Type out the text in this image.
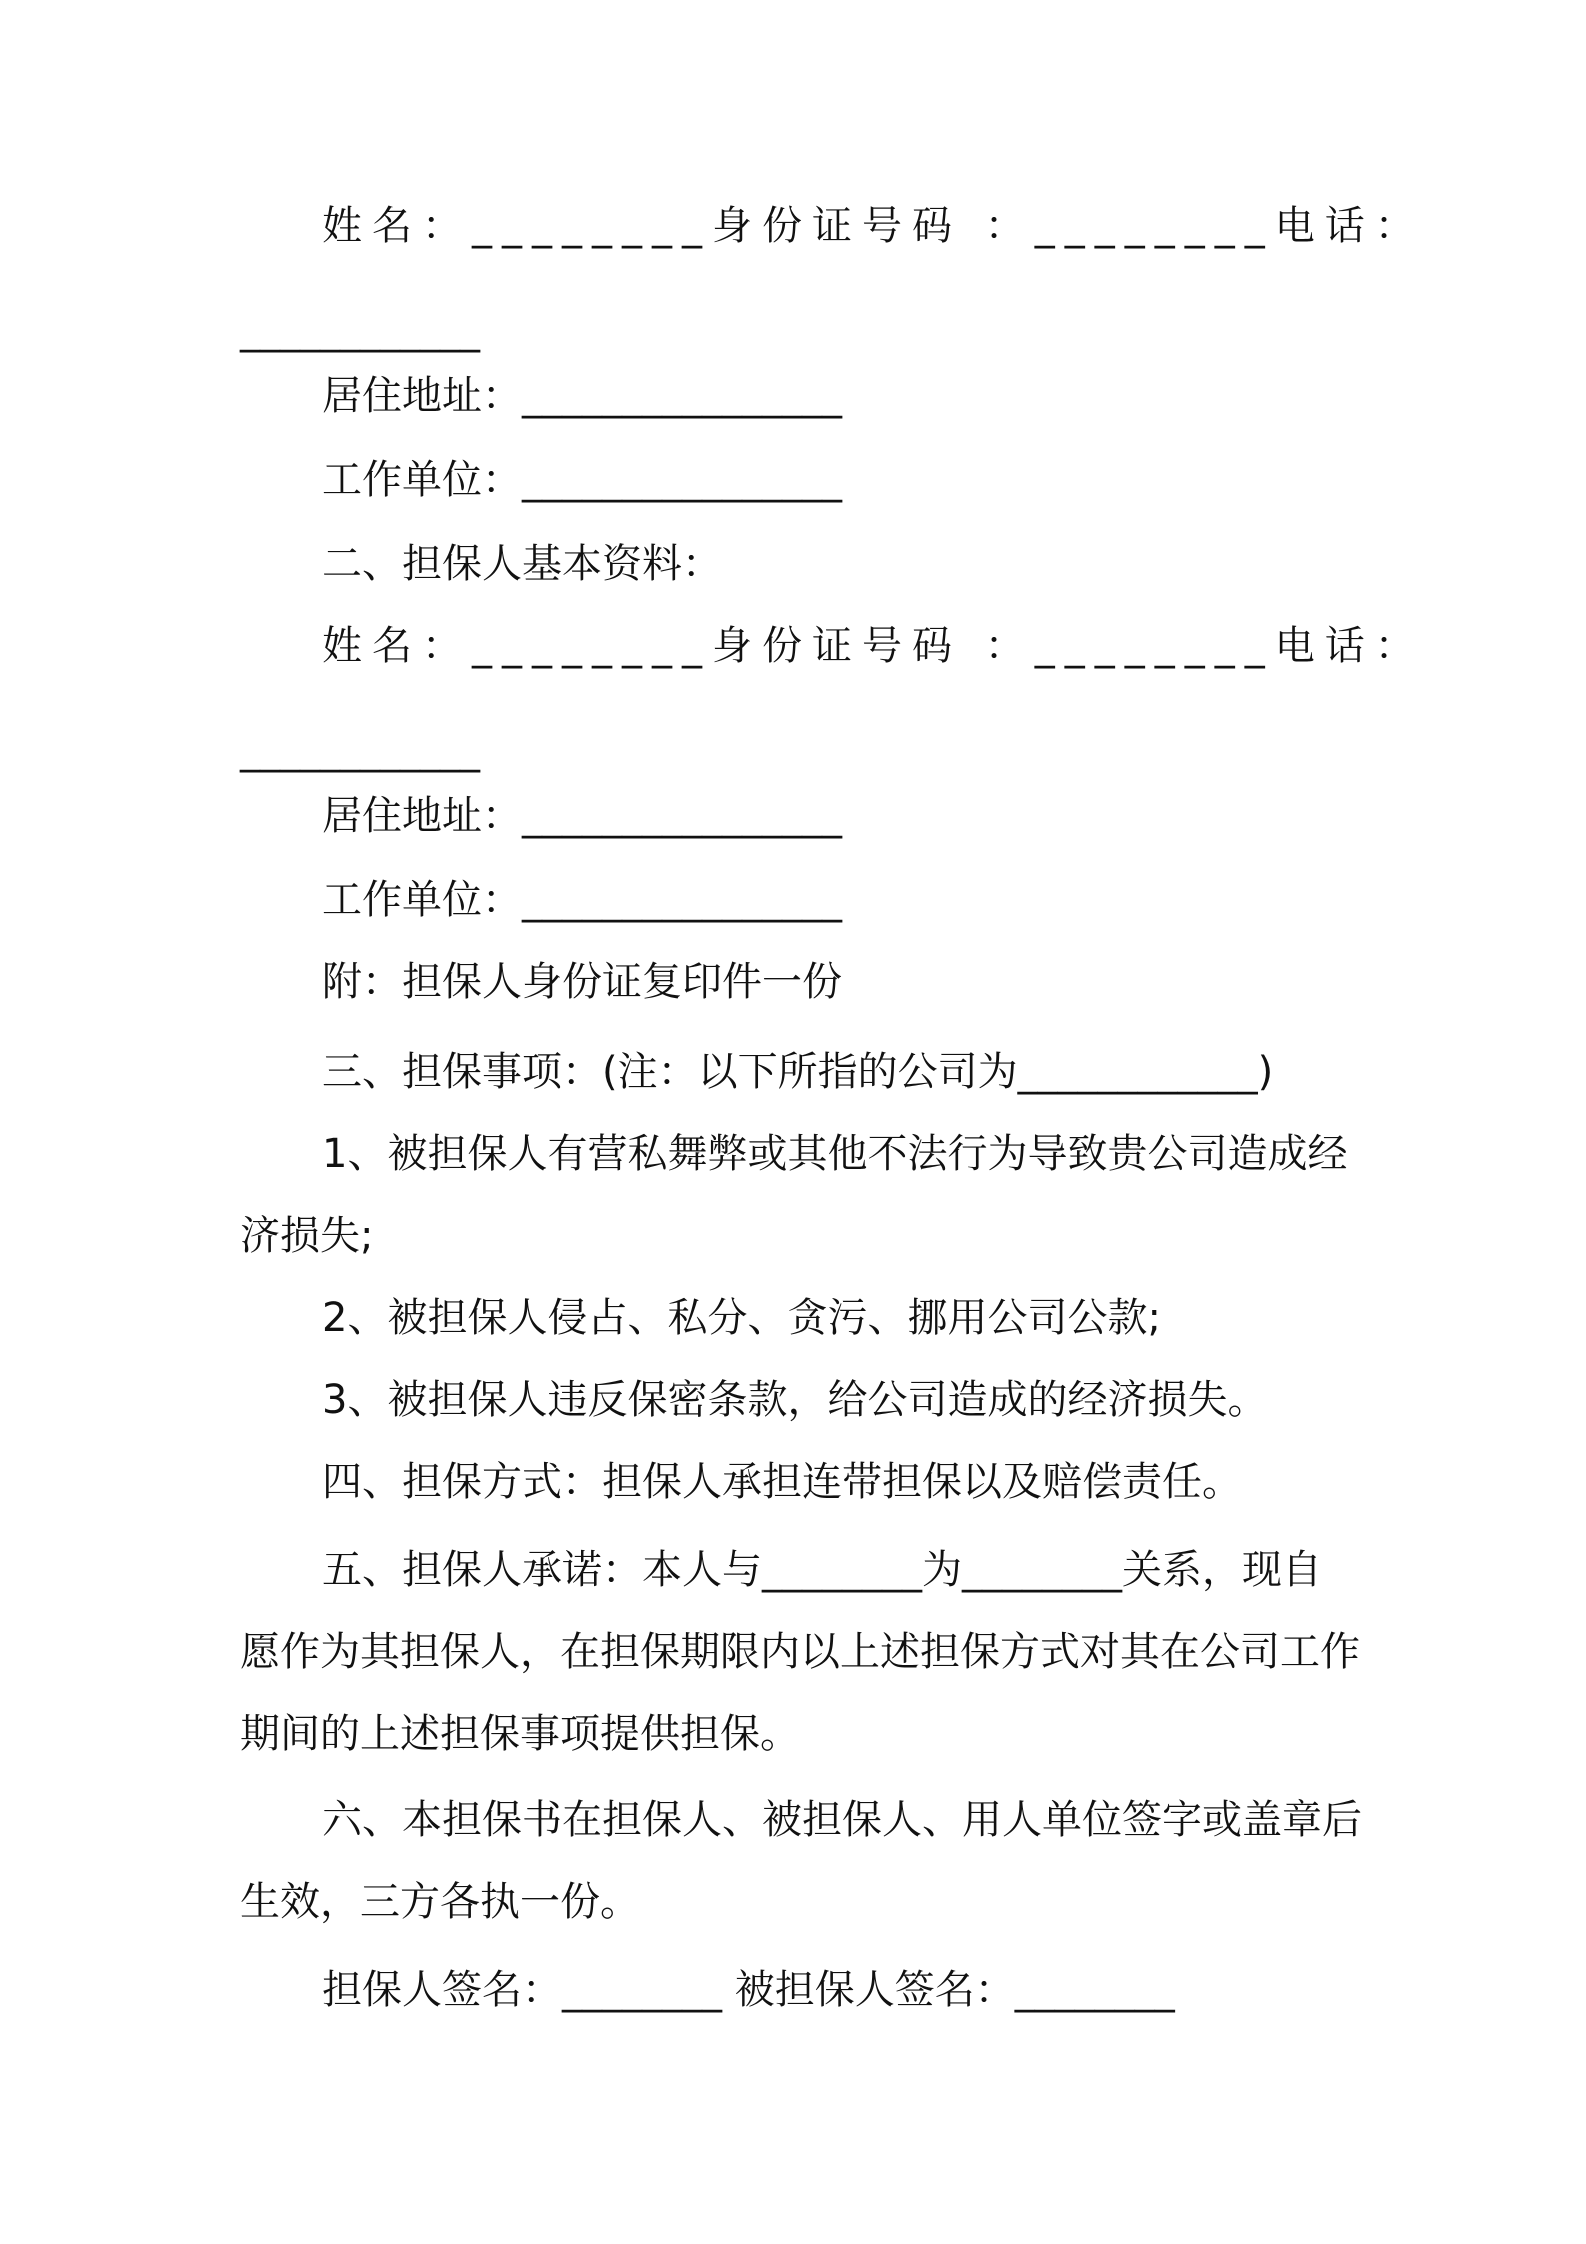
姓名：________身份证号码 ：________电话：

____________

居住地址：________________

工作单位：________________

二、担保人基本资料：

姓名：________身份证号码 ：________电话：

____________

居住地址：________________

工作单位：________________

附：担保人身份证复印件一份

三、担保事项：(注：以下所指的公司为____________)

1、被担保人有营私舞弊或其他不法行为导致贵公司造成经

济损失;

2、被担保人侵占、私分、贪污、挪用公司公款;

3、被担保人违反保密条款，给公司造成的经济损失。

四、担保方式：担保人承担连带担保以及赔偿责任。

五、担保人承诺：本人与________为________关系，现自

愿作为其担保人，在担保期限内以上述担保方式对其在公司工作

期间的上述担保事项提供担保。

六、本担保书在担保人、被担保人、用人单位签字或盖章后

生效，三方各执一份。

担保人签名：________ 被担保人签名：________
